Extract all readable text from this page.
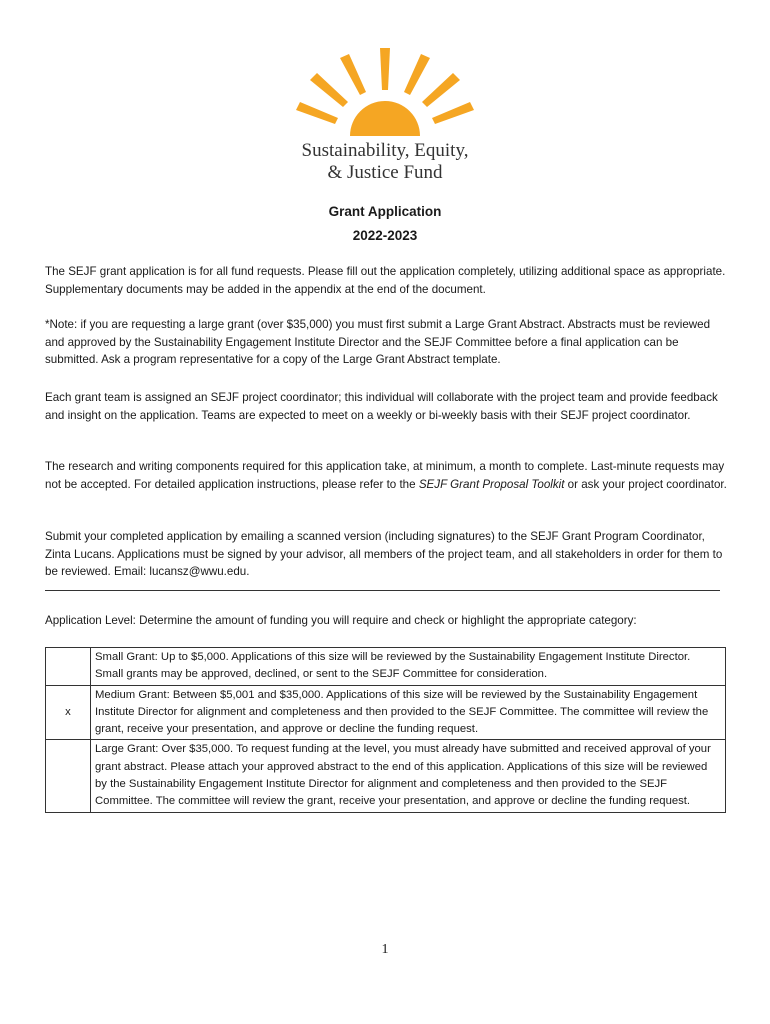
Sustainability, Equity,
& Justice Fund
Grant Application
2022-2023
The SEJF grant application is for all fund requests. Please fill out the application completely, utilizing additional space as appropriate. Supplementary documents may be added in the appendix at the end of the document.
*Note: if you are requesting a large grant (over $35,000) you must first submit a Large Grant Abstract. Abstracts must be reviewed and approved by the Sustainability Engagement Institute Director and the SEJF Committee before a final application can be submitted. Ask a program representative for a copy of the Large Grant Abstract template.
Each grant team is assigned an SEJF project coordinator; this individual will collaborate with the project team and provide feedback and insight on the application. Teams are expected to meet on a weekly or bi-weekly basis with their SEJF project coordinator.
The research and writing components required for this application take, at minimum, a month to complete. Last-minute requests may not be accepted. For detailed application instructions, please refer to the SEJF Grant Proposal Toolkit or ask your project coordinator.
Submit your completed application by emailing a scanned version (including signatures) to the SEJF Grant Program Coordinator, Zinta Lucans. Applications must be signed by your advisor, all members of the project team, and all stakeholders in order for them to be reviewed. Email: lucansz@wwu.edu.
Application Level: Determine the amount of funding you will require and check or highlight the appropriate category:
	Small Grant: Up to $5,000. Applications of this size will be reviewed by the Sustainability Engagement Institute Director. Small grants may be approved, declined, or sent to the SEJF Committee for consideration.
x	Medium Grant: Between $5,001 and $35,000. Applications of this size will be reviewed by the Sustainability Engagement Institute Director for alignment and completeness and then provided to the SEJF Committee. The committee will review the grant, receive your presentation, and approve or decline the funding request.
	Large Grant: Over $35,000. To request funding at the level, you must already have submitted and received approval of your grant abstract. Please attach your approved abstract to the end of this application. Applications of this size will be reviewed by the Sustainability Engagement Institute Director for alignment and completeness and then provided to the SEJF Committee. The committee will review the grant, receive your presentation, and approve or decline the funding request.
1
